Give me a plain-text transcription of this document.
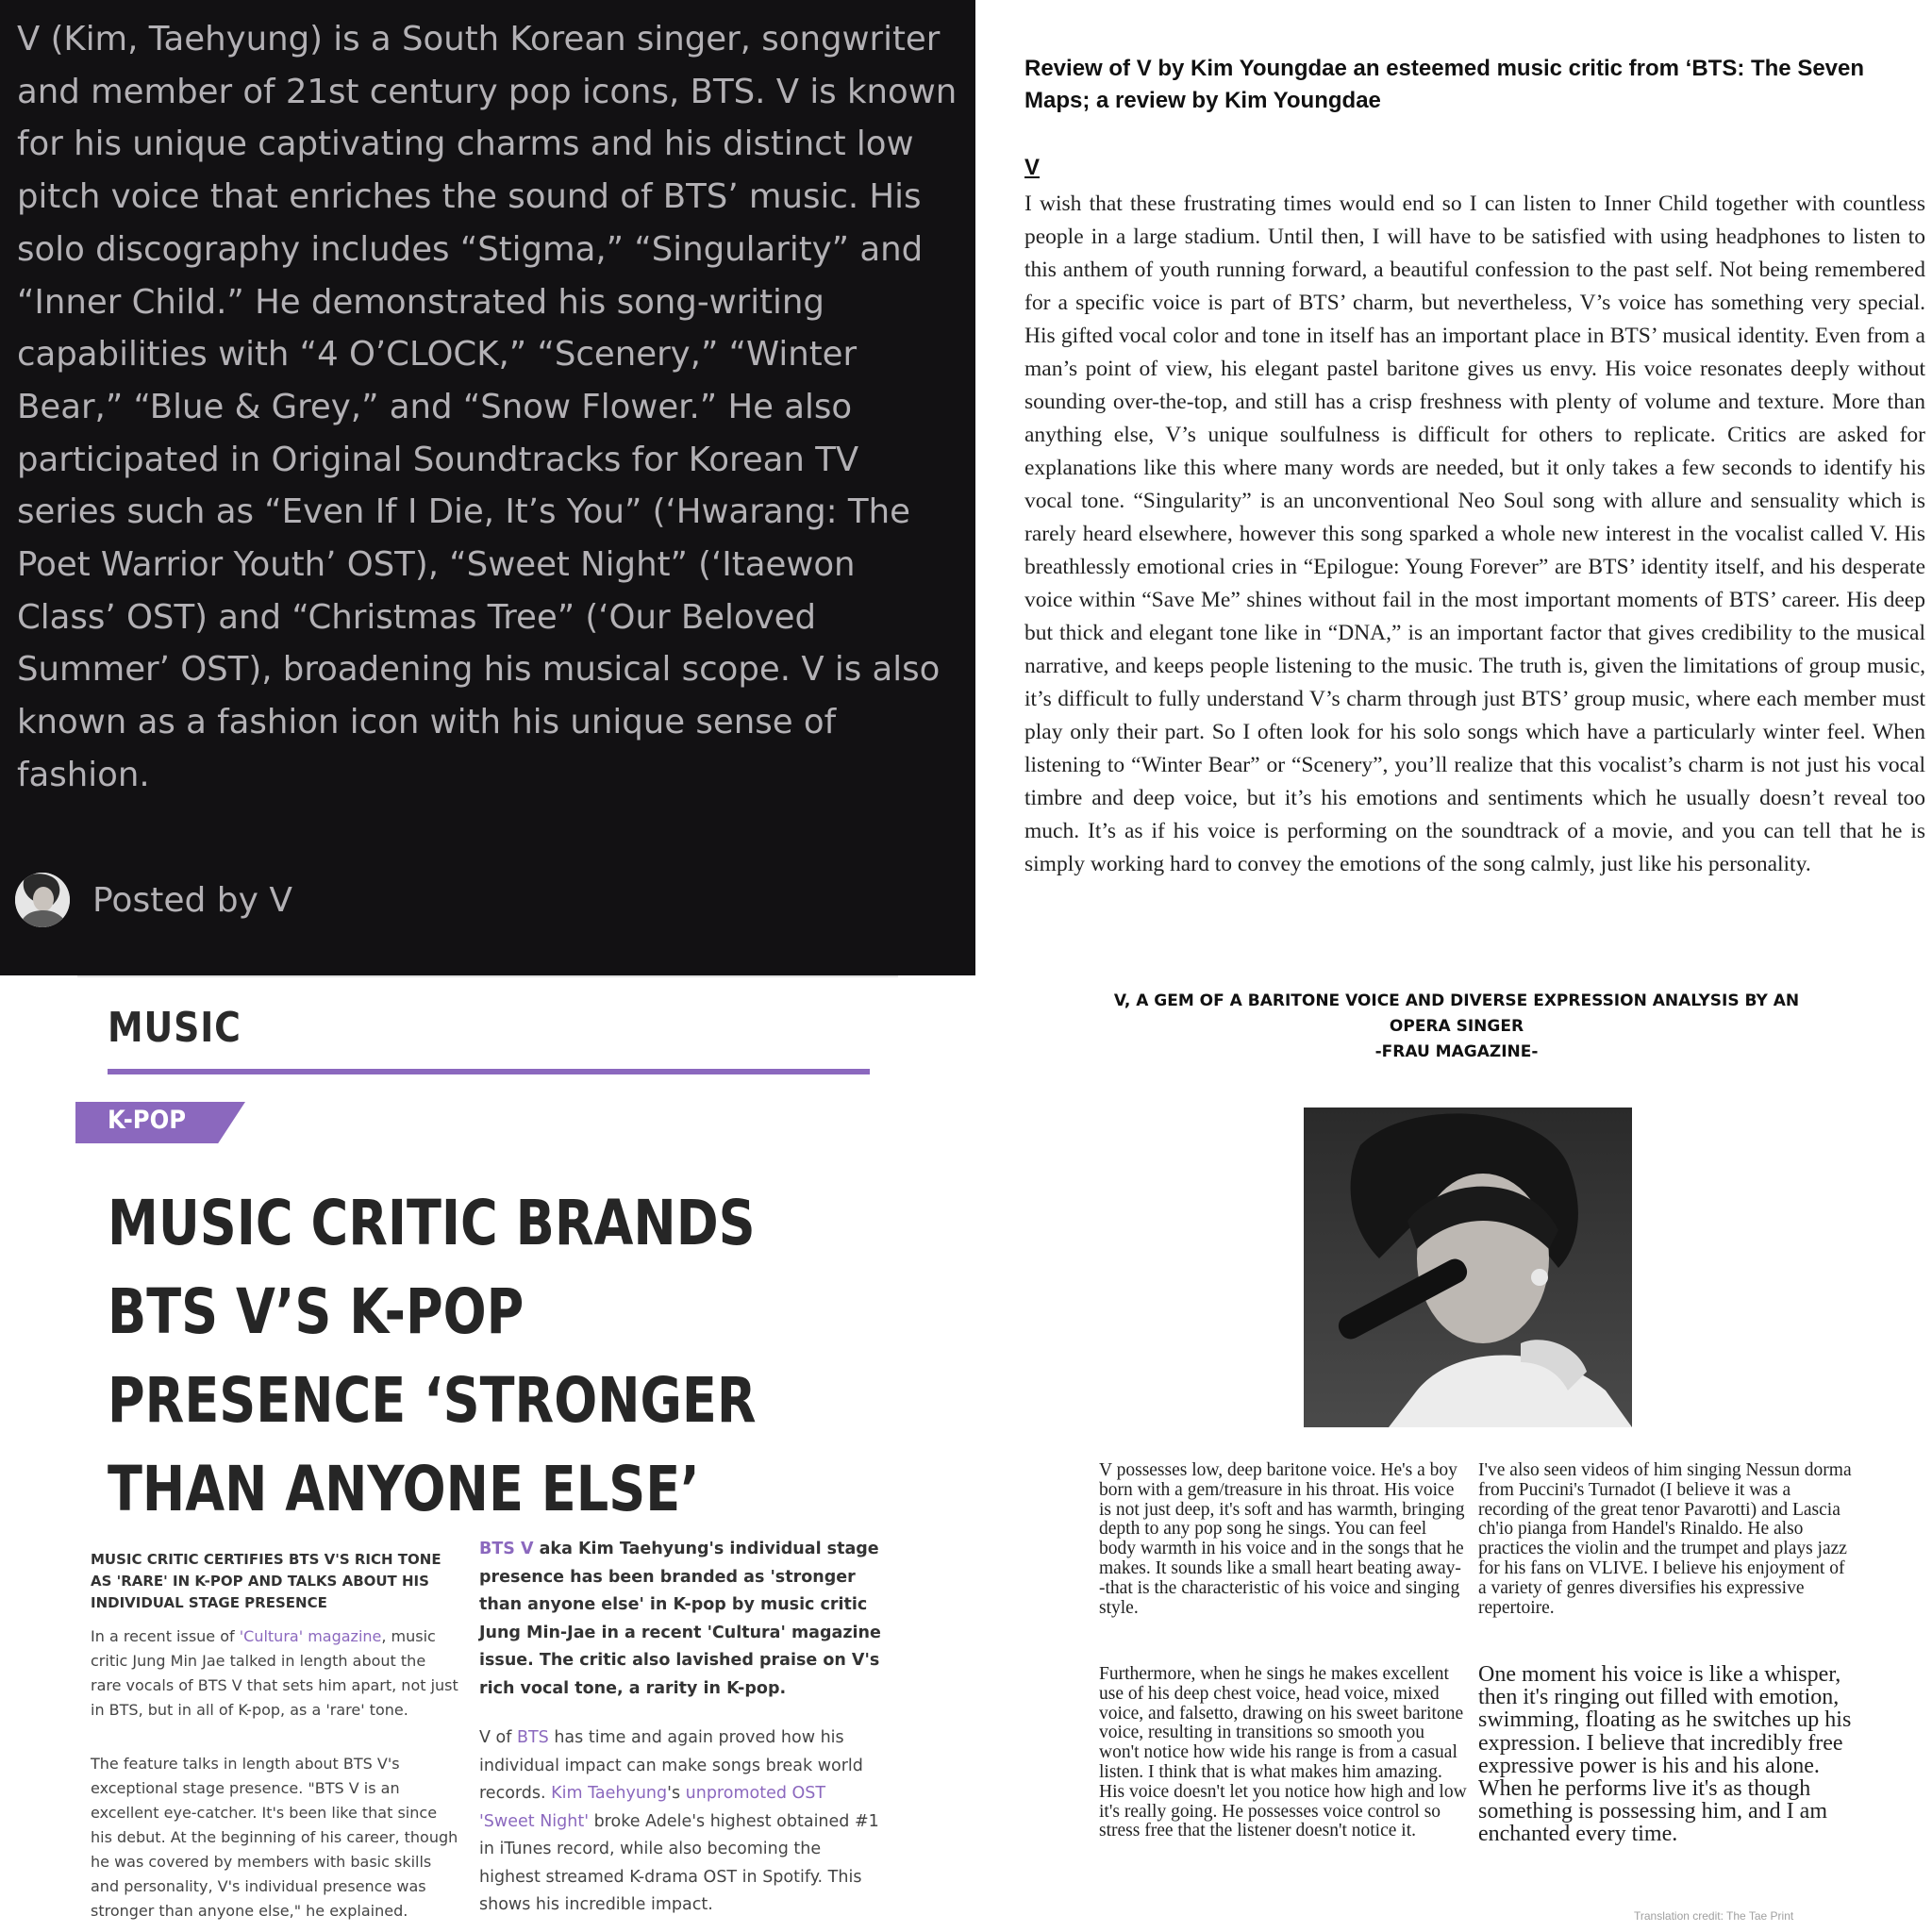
V (Kim, Taehyung) is a South Korean singer, songwriter and member of 21st century pop icons, BTS. V is known for his unique captivating charms and his distinct low pitch voice that enriches the sound of BTS’ music. His solo discography includes “Stigma,” “Singularity” and “Inner Child.” He demonstrated his song-writing capabilities with “4 O’CLOCK,” “Scenery,” “Winter Bear,” “Blue & Grey,” and “Snow Flower.” He also participated in Original Soundtracks for Korean TV series such as “Even If I Die, It’s You” (‘Hwarang: The Poet Warrior Youth’ OST), “Sweet Night” (‘Itaewon Class’ OST) and “Christmas Tree” (‘Our Beloved Summer’ OST), broadening his musical scope. V is also known as a fashion icon with his unique sense of fashion.

Posted by V
Review of V by Kim Youngdae an esteemed music critic from ‘BTS: The Seven Maps; a review by Kim Youngdae
V

I wish that these frustrating times would end so I can listen to Inner Child together with countless people in a large stadium. Until then, I will have to be satisfied with using headphones to listen to this anthem of youth running forward, a beautiful confession to the past self. Not being remembered for a specific voice is part of BTS’ charm, but nevertheless, V’s voice has something very special. His gifted vocal color and tone in itself has an important place in BTS’ musical identity. Even from a man’s point of view, his elegant pastel baritone gives us envy. His voice resonates deeply without sounding over-the-top, and still has a crisp freshness with plenty of volume and texture. More than anything else, V’s unique soulfulness is difficult for others to replicate. Critics are asked for explanations like this where many words are needed, but it only takes a few seconds to identify his vocal tone. “Singularity” is an unconventional Neo Soul song with allure and sensuality which is rarely heard elsewhere, however this song sparked a whole new interest in the vocalist called V. His breathlessly emotional cries in “Epilogue: Young Forever” are BTS’ identity itself, and his desperate voice within “Save Me” shines without fail in the most important moments of BTS’ career. His deep but thick and elegant tone like in “DNA,” is an important factor that gives credibility to the musical narrative, and keeps people listening to the music. The truth is, given the limitations of group music, it’s difficult to fully understand V’s charm through just BTS’ group music, where each member must play only their part. So I often look for his solo songs which have a particularly winter feel. When listening to “Winter Bear” or “Scenery”, you’ll realize that this vocalist’s charm is not just his vocal timbre and deep voice, but it’s his emotions and sentiments which he usually doesn’t reveal too much. It’s as if his voice is performing on the soundtrack of a movie, and you can tell that he is simply working hard to convey the emotions of the song calmly, just like his personality.

MUSIC
K-POP
MUSIC CRITIC BRANDS BTS V’S K-POP PRESENCE ‘STRONGER THAN ANYONE ELSE’

MUSIC CRITIC CERTIFIES BTS V'S RICH TONE AS 'RARE' IN K-POP AND TALKS ABOUT HIS INDIVIDUAL STAGE PRESENCE

In a recent issue of 'Cultura' magazine, music critic Jung Min Jae talked in length about the rare vocals of BTS V that sets him apart, not just in BTS, but in all of K-pop, as a 'rare' tone.

The feature talks in length about BTS V's exceptional stage presence. "BTS V is an excellent eye-catcher. It's been like that since his debut. At the beginning of his career, though he was covered by members with basic skills and personality, V's individual presence was stronger than anyone else," he explained.

BTS V aka Kim Taehyung's individual stage presence has been branded as 'stronger than anyone else' in K-pop by music critic Jung Min-Jae in a recent 'Cultura' magazine issue. The critic also lavished praise on V's rich vocal tone, a rarity in K-pop.

V of BTS has time and again proved how his individual impact can make songs break world records. Kim Taehyung's unpromoted OST 'Sweet Night' broke Adele's highest obtained #1 in iTunes record, while also becoming the highest streamed K-drama OST in Spotify. This shows his incredible impact.

V, A GEM OF A BARITONE VOICE AND DIVERSE EXPRESSION ANALYSIS BY AN OPERA SINGER
-FRAU MAGAZINE-

V possesses low, deep baritone voice. He's a boy born with a gem/treasure in his throat. His voice is not just deep, it's soft and has warmth, bringing depth to any pop song he sings. You can feel body warmth in his voice and in the songs that he makes. It sounds like a small heart beating away--that is the characteristic of his voice and singing style.

Furthermore, when he sings he makes excellent use of his deep chest voice, head voice, mixed voice, and falsetto, drawing on his sweet baritone voice, resulting in transitions so smooth you won't notice how wide his range is from a casual listen. I think that is what makes him amazing. His voice doesn't let you notice how high and low it's really going. He possesses voice control so stress free that the listener doesn't notice it.

I've also seen videos of him singing Nessun dorma from Puccini's Turnadot (I believe it was a recording of the great tenor Pavarotti) and Lascia ch'io pianga from Handel's Rinaldo. He also practices the violin and the trumpet and plays jazz for his fans on VLIVE. I believe his enjoyment of a variety of genres diversifies his expressive repertoire.

One moment his voice is like a whisper, then it's ringing out filled with emotion, swimming, floating as he switches up his expression. I believe that incredibly free expressive power is his and his alone. When he performs live it's as though something is possessing him, and I am enchanted every time.

Translation credit: The Tae Print
